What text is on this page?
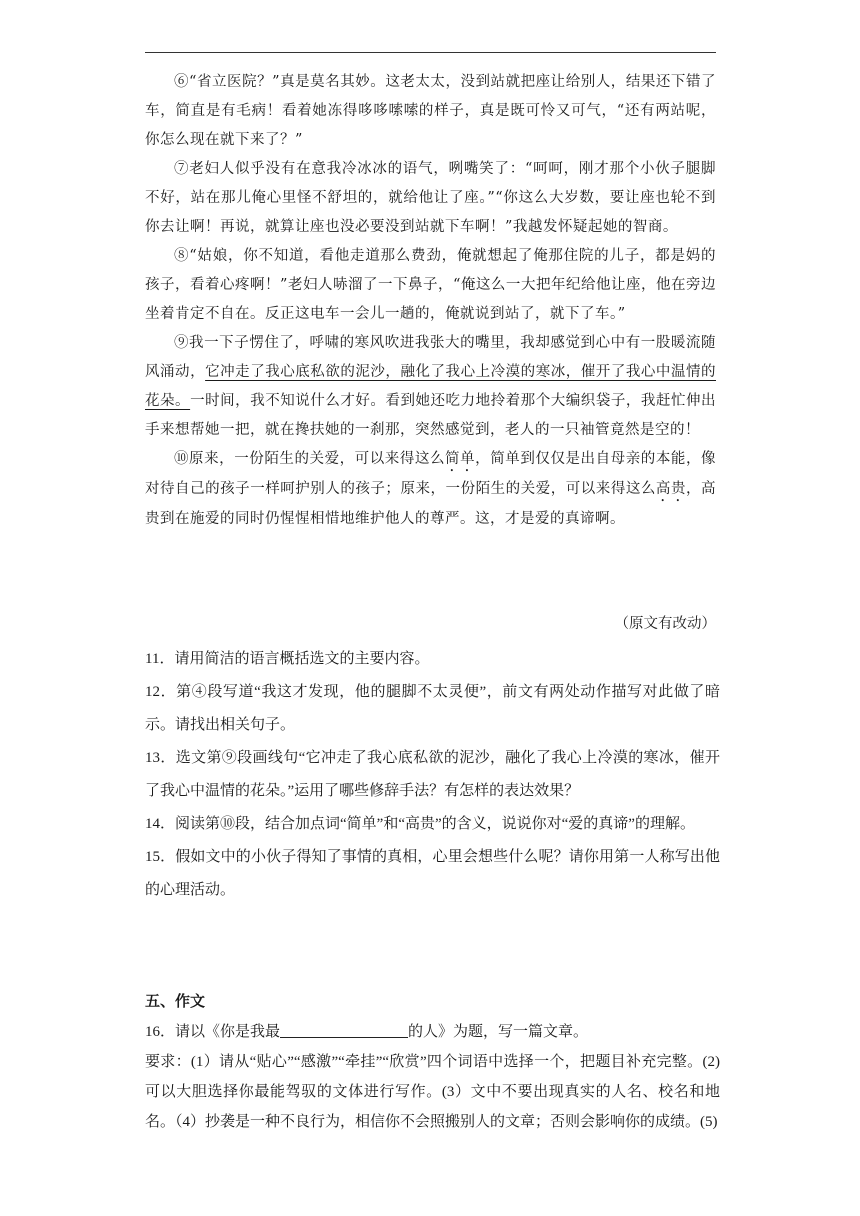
⑥“省立医院？”真是莫名其妙。这老太太，没到站就把座让给别人，结果还下错了车，简直是有毛病！看着她冻得哆哆嗦嗦的样子，真是既可怜又可气，“还有两站呢，你怎么现在就下来了？”

⑦老妇人似乎没有在意我冷冰冰的语气，咧嘴笑了：“呵呵，刚才那个小伙子腿脚不好，站在那儿俺心里怪不舒坦的，就给他让了座。”“你这么大岁数，要让座也轮不到你去让啊！再说，就算让座也没必要没到站就下车啊！”我越发怀疑起她的智商。

⑧“姑娘，你不知道，看他走道那么费劲，俺就想起了俺那住院的儿子，都是妈的孩子，看着心疼啊！”老妇人哧溜了一下鼻子，“俺这么一大把年纪给他让座，他在旁边坐着肯定不自在。反正这电车一会儿一趟的，俺就说到站了，就下了车。”

⑨我一下子愣住了，呼啸的寒风吹进我张大的嘴里，我却感觉到心中有一股暖流随风涌动，它冲走了我心底私欲的泥沙，融化了我心上冷漠的寒冰，催开了我心中温情的花朵。一时间，我不知说什么才好。看到她还吃力地拎着那个大编织袋子，我赶忙伸出手来想帮她一把，就在搀扶她的一刹那，突然感觉到，老人的一只袖管竟然是空的！

⑩原来，一份陌生的关爱，可以来得这么简单，简单到仅仅是出自母亲的本能，像对待自己的孩子一样呵护别人的孩子；原来，一份陌生的关爱，可以来得这么高贵，高贵到在施爱的同时仍惺惺相惜地维护他人的尊严。这，才是爱的真谛啊。

（原文有改动）

11．请用简洁的语言概括选文的主要内容。

12．第④段写道“我这才发现，他的腿脚不太灵便”，前文有两处动作描写对此做了暗示。请找出相关句子。

13．选文第⑨段画线句“它冲走了我心底私欲的泥沙，融化了我心上冷漠的寒冰，催开了我心中温情的花朵。”运用了哪些修辞手法？有怎样的表达效果？

14．阅读第⑩段，结合加点词“简单”和“高贵”的含义，说说你对“爱的真谛”的理解。

15．假如文中的小伙子得知了事情的真相，心里会想些什么呢？请你用第一人称写出他的心理活动。

五、作文

16．请以《你是我最	的人》为题，写一篇文章。

要求：(1）请从“贴心”“感激”“牵挂”“欣赏”四个词语中选择一个，把题目补充完整。(2)可以大胆选择你最能驾驭的文体进行写作。(3）文中不要出现真实的人名、校名和地名。（4）抄袭是一种不良行为，相信你不会照搬别人的文章；否则会影响你的成绩。(5)
